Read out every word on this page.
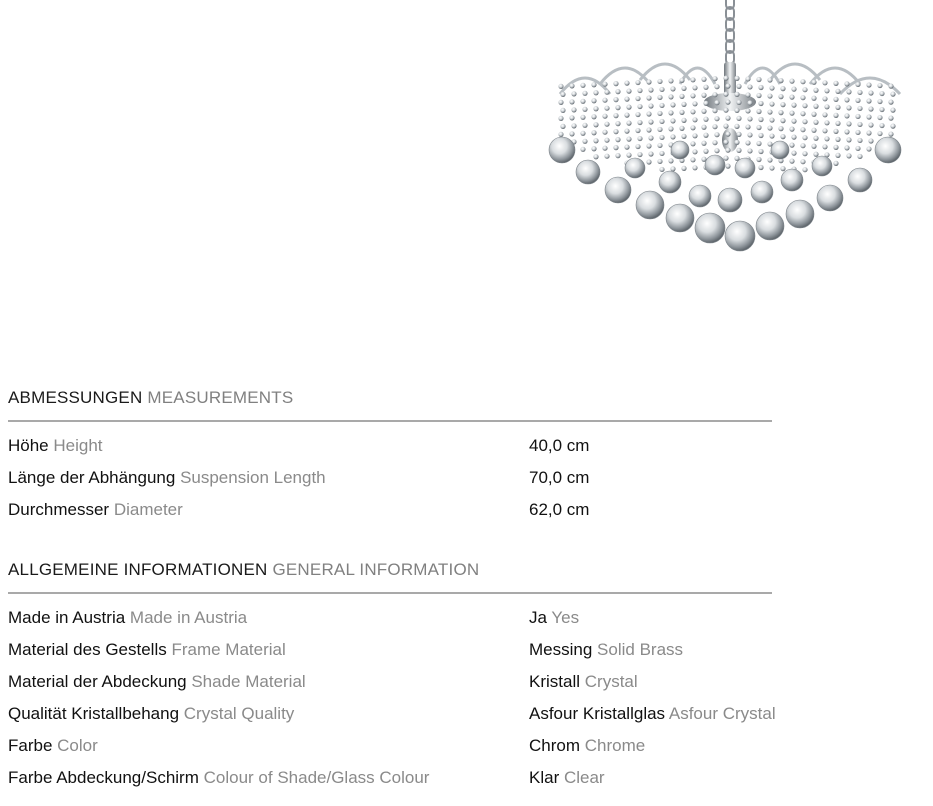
ABMESSUNGEN MEASUREMENTS
Höhe Height	40,0 cm
Länge der Abhängung Suspension Length	70,0 cm
Durchmesser Diameter	62,0 cm
ALLGEMEINE INFORMATIONEN GENERAL INFORMATION
Made in Austria Made in Austria	Ja Yes
Material des Gestells Frame Material	Messing Solid Brass
Material der Abdeckung Shade Material	Kristall Crystal
Qualität Kristallbehang Crystal Quality	Asfour Kristallglas Asfour Crystal
Farbe Color	Chrom Chrome
Farbe Abdeckung/Schirm Colour of Shade/Glass Colour	Klar Clear
